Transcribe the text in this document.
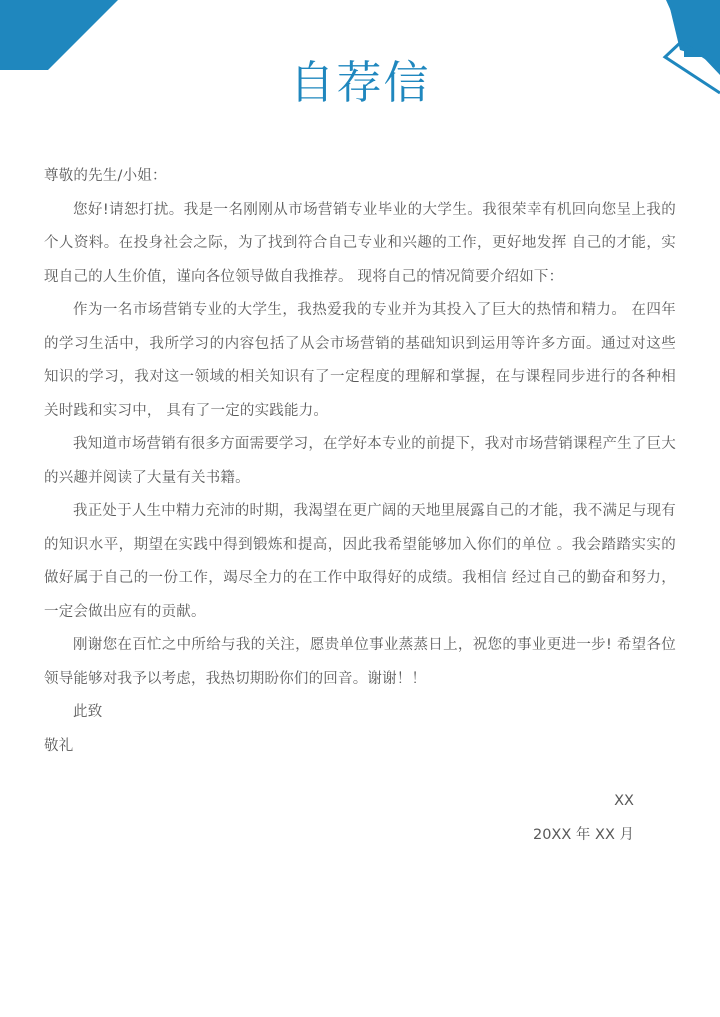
自荐信

尊敬的先生/小姐：

您好!请恕打扰。我是一名刚刚从市场营销专业毕业的大学生。我很荣幸有机回向您呈上我的个人资料。在投身社会之际，为了找到符合自己专业和兴趣的工作，更好地发挥 自己的才能，实现自己的人生价值，谨向各位领导做自我推荐。 现将自己的情况简要介绍如下：

作为一名市场营销专业的大学生，我热爱我的专业并为其投入了巨大的热情和精力。 在四年的学习生活中，我所学习的内容包括了从会市场营销的基础知识到运用等许多方面。通过对这些知识的学习，我对这一领域的相关知识有了一定程度的理解和掌握，在与课程同步进行的各种相关时践和实习中， 具有了一定的实践能力。

我知道市场营销有很多方面需要学习，在学好本专业的前提下，我对市场营销课程产生了巨大的兴趣并阅读了大量有关书籍。

我正处于人生中精力充沛的时期，我渴望在更广阔的天地里展露自己的才能，我不满足与现有的知识水平，期望在实践中得到锻炼和提高，因此我希望能够加入你们的单位 。我会踏踏实实的做好属于自己的一份工作，竭尽全力的在工作中取得好的成绩。我相信 经过自己的勤奋和努力，一定会做出应有的贡献。

刚谢您在百忙之中所给与我的关注，愿贵单位事业蒸蒸日上，祝您的事业更进一步! 希望各位领导能够对我予以考虑，我热切期盼你们的回音。谢谢！！

此致

敬礼

XX

20XX 年 XX 月
